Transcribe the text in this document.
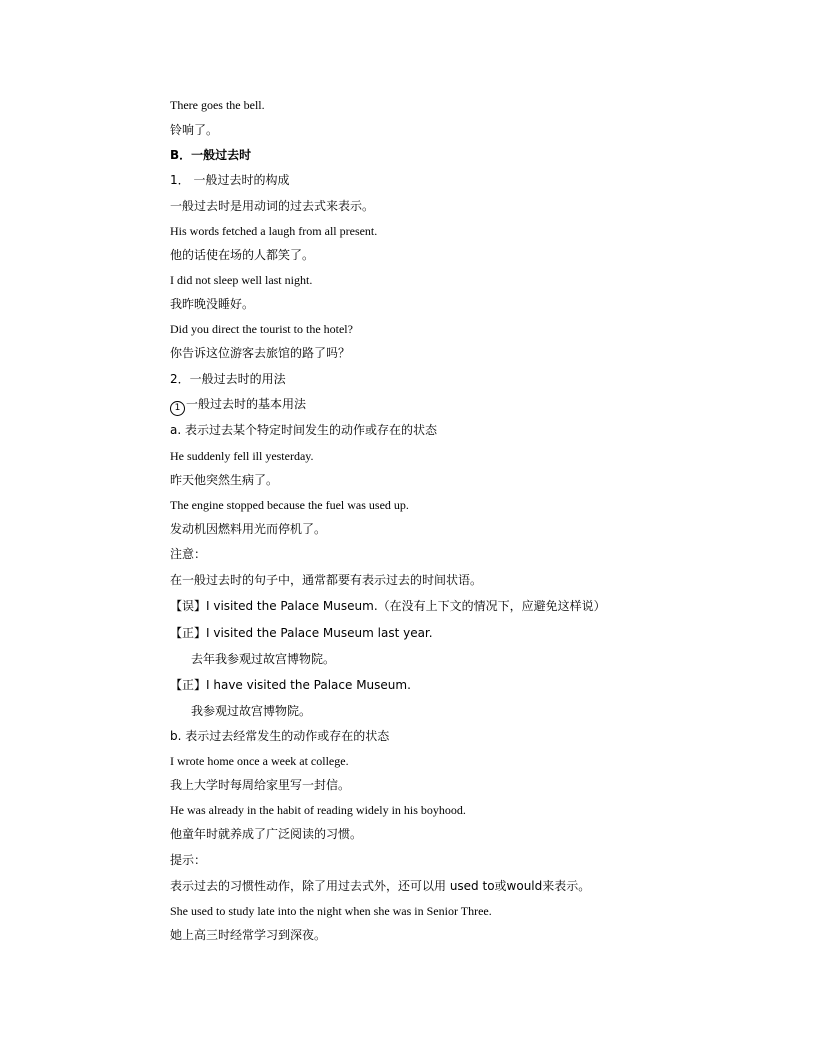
There goes the bell.
铃响了。
B．一般过去时
1． 一般过去时的构成
一般过去时是用动词的过去式来表示。
His words fetched a laugh from all present.
他的话使在场的人都笑了。
I did not sleep well last night.
我昨晚没睡好。
Did you direct the tourist to the hotel?
你告诉这位游客去旅馆的路了吗？
2．一般过去时的用法
1 一般过去时的基本用法
a. 表示过去某个特定时间发生的动作或存在的状态
He suddenly fell ill yesterday.
昨天他突然生病了。
The engine stopped because the fuel was used up.
发动机因燃料用光而停机了。
注意：
在一般过去时的句子中，通常都要有表示过去的时间状语。
【误】I visited the Palace Museum.（在没有上下文的情况下，应避免这样说）
【正】I visited the Palace Museum last year.
去年我参观过故宫博物院。
【正】I have visited the Palace Museum.
我参观过故宫博物院。
b. 表示过去经常发生的动作或存在的状态
I wrote home once a week at college.
我上大学时每周给家里写一封信。
He was already in the habit of reading widely in his boyhood.
他童年时就养成了广泛阅读的习惯。
提示：
表示过去的习惯性动作，除了用过去式外，还可以用 used to或would来表示。
She used to study late into the night when she was in Senior Three.
她上高三时经常学习到深夜。
